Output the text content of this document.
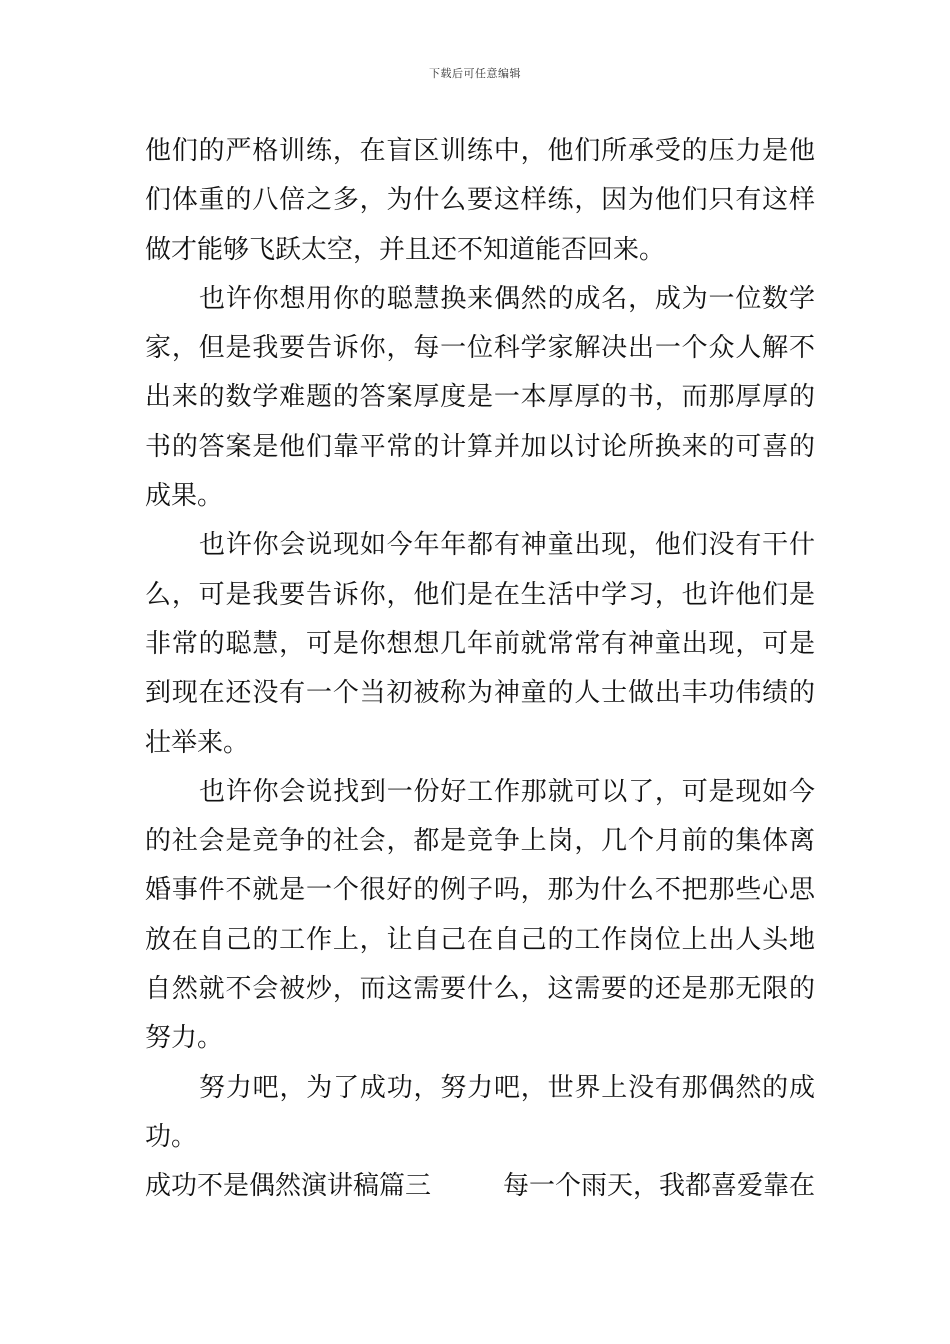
下载后可任意编辑
他们的严格训练，在盲区训练中，他们所承受的压力是他
们体重的八倍之多，为什么要这样练，因为他们只有这样
做才能够飞跃太空，并且还不知道能否回来。
也许你想用你的聪慧换来偶然的成名，成为一位数学
家，但是我要告诉你，每一位科学家解决出一个众人解不
出来的数学难题的答案厚度是一本厚厚的书，而那厚厚的
书的答案是他们靠平常的计算并加以讨论所换来的可喜的
成果。
也许你会说现如今年年都有神童出现，他们没有干什
么，可是我要告诉你，他们是在生活中学习，也许他们是
非常的聪慧，可是你想想几年前就常常有神童出现，可是
到现在还没有一个当初被称为神童的人士做出丰功伟绩的
壮举来。
也许你会说找到一份好工作那就可以了，可是现如今
的社会是竞争的社会，都是竞争上岗，几个月前的集体离
婚事件不就是一个很好的例子吗，那为什么不把那些心思
放在自己的工作上，让自己在自己的工作岗位上出人头地
自然就不会被炒，而这需要什么，这需要的还是那无限的
努力。
努力吧，为了成功，努力吧，世界上没有那偶然的成
功。
成功不是偶然演讲稿篇三	每一个雨天，我都喜爱靠在
